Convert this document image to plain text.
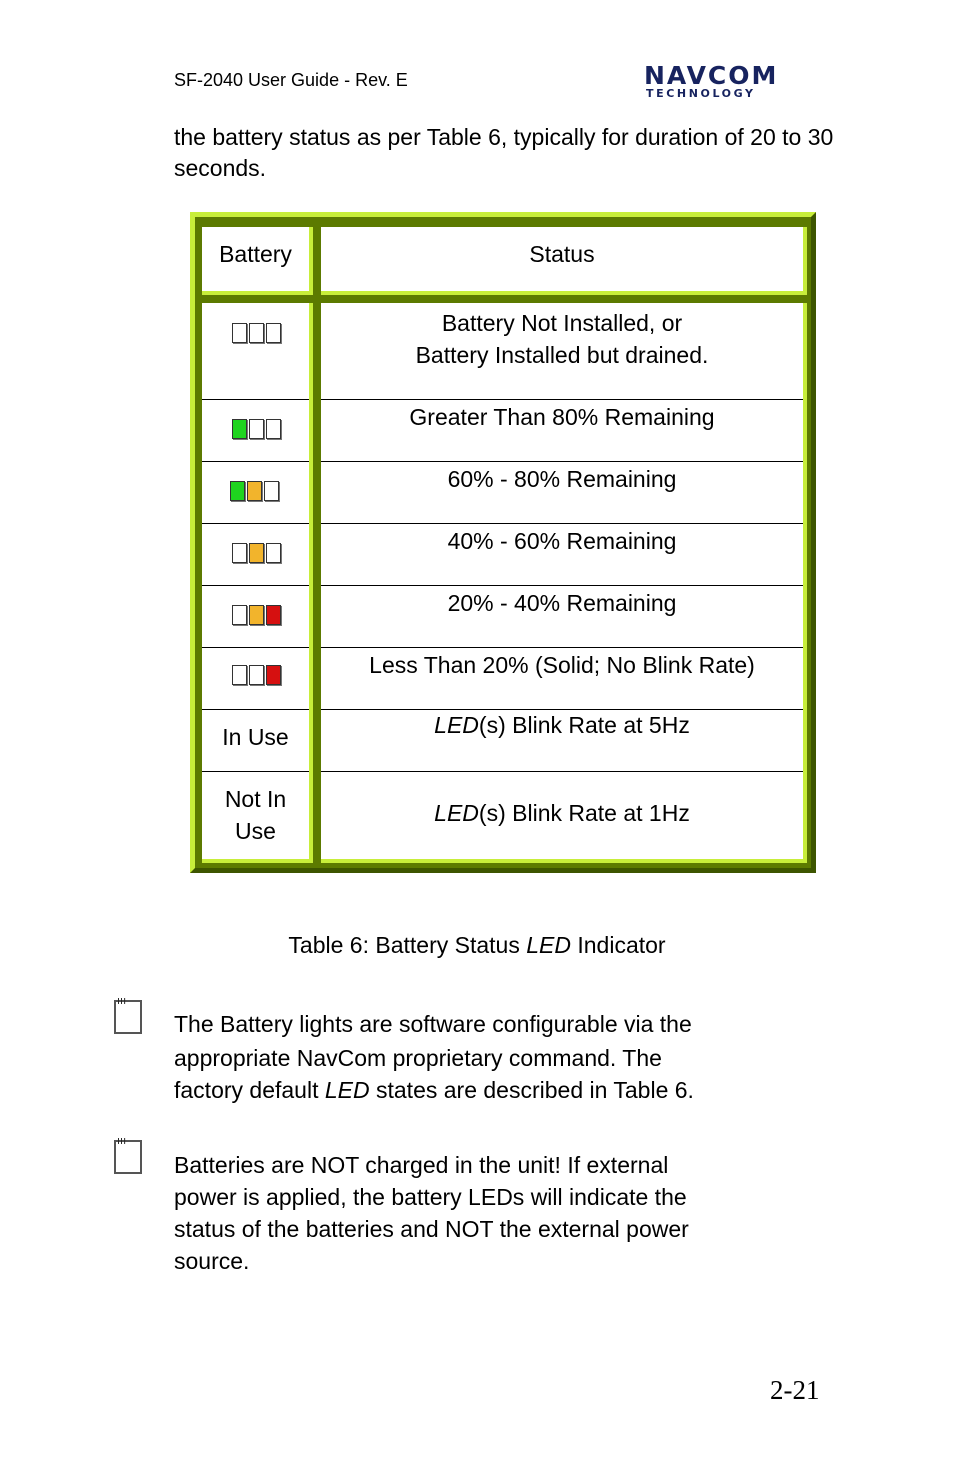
SF-2040 User Guide - Rev. E	NAVCOM
TECHNOLOGY
the battery status as per Table 6, typically for duration of 20 to 30 seconds.
Battery	Status
In Use
Not In
Use
Battery Not Installed, or
Battery Installed but drained.
Greater Than 80% Remaining
60% - 80% Remaining
40% - 60% Remaining
20% - 40% Remaining
Less Than 20% (Solid; No Blink Rate)
LED(s) Blink Rate at 5Hz
LED(s) Blink Rate at 1Hz
Table 6: Battery Status LED Indicator
ııı
The Battery lights are software configurable via the
appropriate NavCom proprietary command. The
factory default LED states are described in Table 6.
ııı
Batteries are NOT charged in the unit! If external
power is applied, the battery LEDs will indicate the
status of the batteries and NOT the external power
source.
2-21
